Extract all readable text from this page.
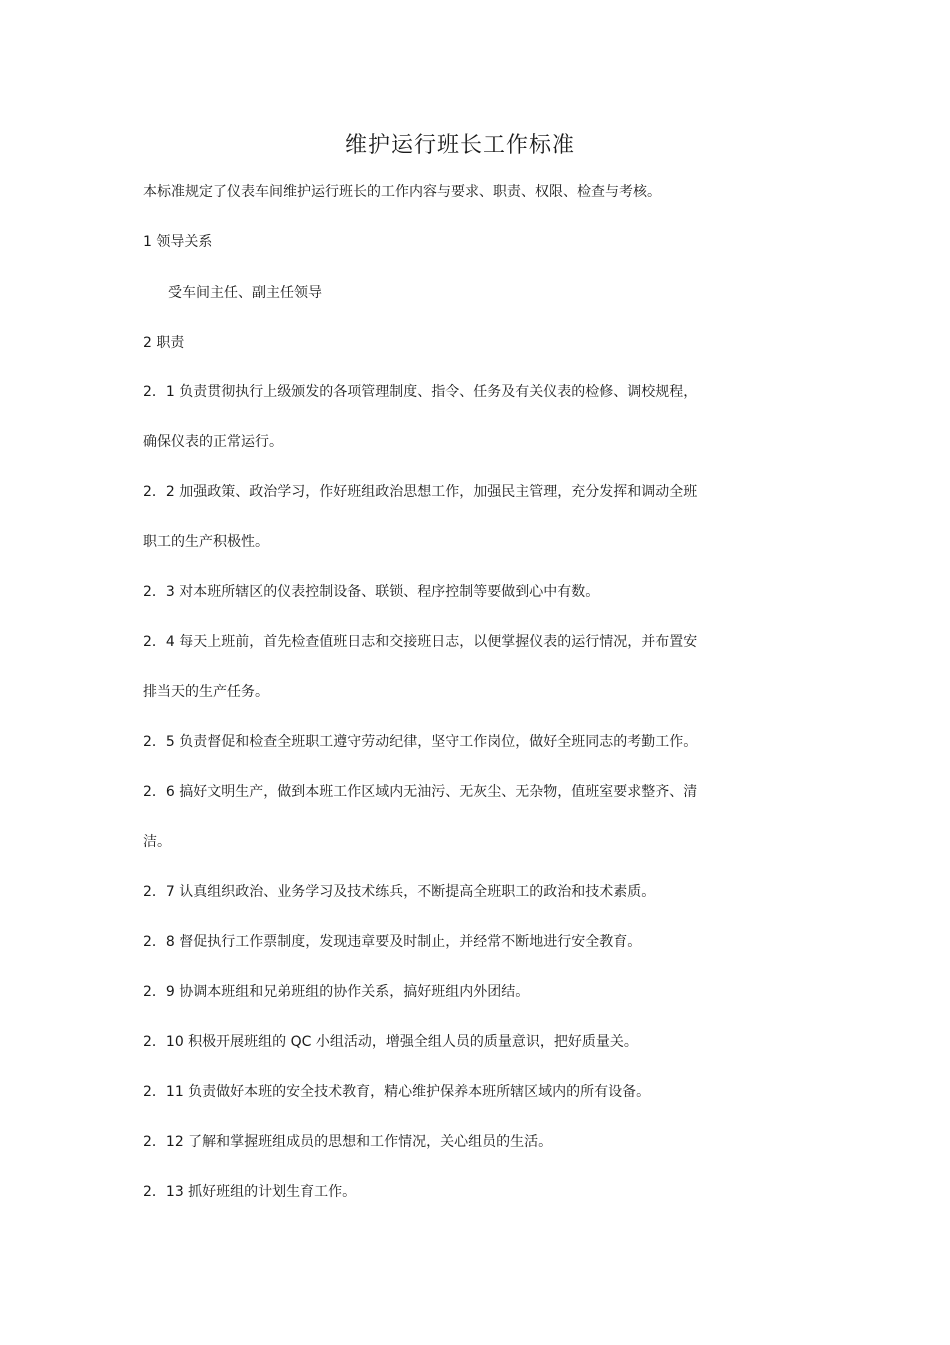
维护运行班长工作标准

本标准规定了仪表车间维护运行班长的工作内容与要求、职责、权限、检查与考核。

1 领导关系

受车间主任、副主任领导

2 职责

2．1 负责贯彻执行上级颁发的各项管理制度、指令、任务及有关仪表的检修、调校规程，

确保仪表的正常运行。

2．2 加强政策、政治学习，作好班组政治思想工作，加强民主管理，充分发挥和调动全班

职工的生产积极性。

2．3 对本班所辖区的仪表控制设备、联锁、程序控制等要做到心中有数。

2．4 每天上班前，首先检查值班日志和交接班日志，以便掌握仪表的运行情况，并布置安

排当天的生产任务。

2．5 负责督促和检查全班职工遵守劳动纪律，坚守工作岗位，做好全班同志的考勤工作。

2．6 搞好文明生产，做到本班工作区域内无油污、无灰尘、无杂物，值班室要求整齐、清

洁。

2．7 认真组织政治、业务学习及技术练兵，不断提高全班职工的政治和技术素质。

2．8 督促执行工作票制度，发现违章要及时制止，并经常不断地进行安全教育。

2．9 协调本班组和兄弟班组的协作关系，搞好班组内外团结。

2．10 积极开展班组的 QC 小组活动，增强全组人员的质量意识，把好质量关。

2．11 负责做好本班的安全技术教育，精心维护保养本班所辖区域内的所有设备。

2．12 了解和掌握班组成员的思想和工作情况，关心组员的生活。

2．13 抓好班组的计划生育工作。
